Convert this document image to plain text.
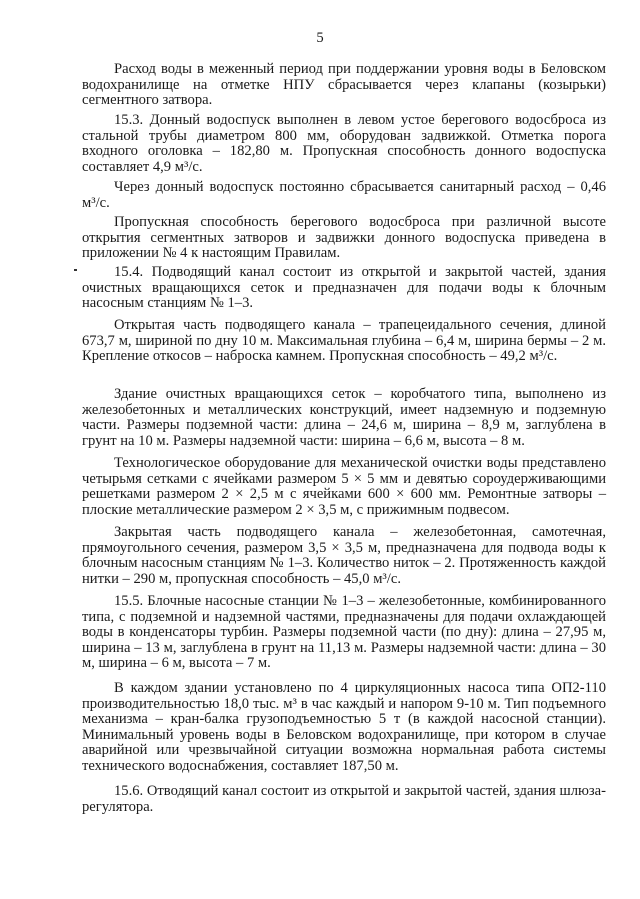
5

Расход воды в меженный период при поддержании уровня воды в Беловском водохранилище на отметке НПУ сбрасывается через клапаны (козырьки) сегментного затвора.

15.3. Донный водоспуск выполнен в левом устое берегового водосброса из стальной трубы диаметром 800 мм, оборудован задвижкой. Отметка порога входного оголовка – 182,80 м. Пропускная способность донного водоспуска составляет 4,9 м³/с.

Через донный водоспуск постоянно сбрасывается санитарный расход – 0,46 м³/с.

Пропускная способность берегового водосброса при различной высоте открытия сегментных затворов и задвижки донного водоспуска приведена в приложении № 4 к настоящим Правилам.

15.4. Подводящий канал состоит из открытой и закрытой частей, здания очистных вращающихся сеток и предназначен для подачи воды к блочным насосным станциям № 1–3.

Открытая часть подводящего канала – трапецеидального сечения, длиной 673,7 м, шириной по дну 10 м. Максимальная глубина – 6,4 м, ширина бермы – 2 м. Крепление откосов – наброска камнем. Пропускная способность – 49,2 м³/с.

Здание очистных вращающихся сеток – коробчатого типа, выполнено из железобетонных и металлических конструкций, имеет надземную и подземную части. Размеры подземной части: длина – 24,6 м, ширина – 8,9 м, заглублена в грунт на 10 м. Размеры надземной части: ширина – 6,6 м, высота – 8 м.

Технологическое оборудование для механической очистки воды представлено четырьмя сетками с ячейками размером 5 × 5 мм и девятью сороудерживающими решетками размером 2 × 2,5 м с ячейками 600 × 600 мм. Ремонтные затворы – плоские металлические размером 2 × 3,5 м, с прижимным подвесом.

Закрытая часть подводящего канала – железобетонная, самотечная, прямоугольного сечения, размером 3,5 × 3,5 м, предназначена для подвода воды к блочным насосным станциям № 1–3. Количество ниток – 2. Протяженность каждой нитки – 290 м, пропускная способность – 45,0 м³/с.

15.5. Блочные насосные станции № 1–3 – железобетонные, комбинированного типа, с подземной и надземной частями, предназначены для подачи охлаждающей воды в конденсаторы турбин. Размеры подземной части (по дну): длина – 27,95 м, ширина – 13 м, заглублена в грунт на 11,13 м. Размеры надземной части: длина – 30 м, ширина – 6 м, высота – 7 м.

В каждом здании установлено по 4 циркуляционных насоса типа ОП2-110 производительностью 18,0 тыс. м³ в час каждый и напором 9-10 м. Тип подъемного механизма – кран-балка грузоподъемностью 5 т (в каждой насосной станции). Минимальный уровень воды в Беловском водохранилище, при котором в случае аварийной или чрезвычайной ситуации возможна нормальная работа системы технического водоснабжения, составляет 187,50 м.

15.6. Отводящий канал состоит из открытой и закрытой частей, здания шлюза-регулятора.
